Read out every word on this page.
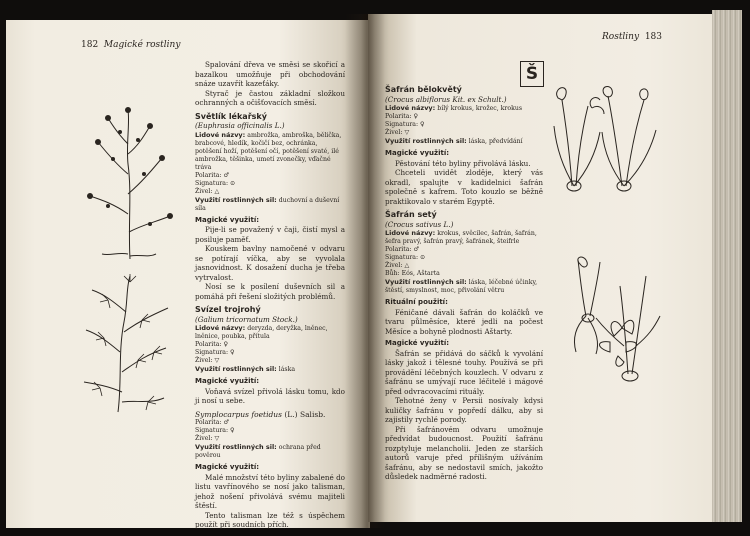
182 Magické rostliny

Spalování dřeva ve směsi se skořicí a bazalkou umožňuje při obchodování snáze uzavřít kazeťáky.

Styrač je častou základní složkou ochranných a očišťovacích směsí.

Světlík lékařský
(Euphrasia officinalis L.)
Lidové názvy: ambrožka, ambroška, bělička, brabcové, hledík, kočičí bez, ochránka, potěšení hoží, potěšení očí, potěšení svaté, ilé ambrožka, těšinka, umetí zvonečky, vďačné tráva
Polarita: ♂
Signatura: ⊙
Živel: △
Využití rostlinných sil: duchovní a duševní síla
Magické využití:

Pije-li se považený v čaji, čistí mysl a posiluje paměť.

Kouskem bavlny namočené v odvaru se potírají víčka, aby se vyvolala jasnovidnost. K dosažení ducha je třeba vytrvalost.

Nosí se k posílení duševních sil a pomáhá při řešení složitých problémů.

Svízel trojrohý
(Galium tricornatum Stock.)
Lidové názvy: deryzda, deryžka, lněnec, lněnice, poubka, přítula
Polarita: ♀
Signatura: ♀
Živel: ▽
Využití rostlinných sil: láska
Magické využití:

Voňavá svízel přivolá lásku tomu, kdo ji nosí u sebe.

Symplocarpus foetidus (L.) Salisb.
Polarita: ♂
Signatura: ♀
Živel: ▽
Využití rostlinných sil: ochrana před pověrou
Magické využití:

Malé množství této byliny zabalené do listu vavřínového se nosí jako talisman, jehož nošení přivolává svému majiteli štěstí.

Tento talisman lze též s úspěchem použít při soudních přích.

Rostliny 183
Š
Šafrán bělokvětý
(Crocus albiflorus Kit. ex Schult.)
Lidové názvy: bílý krokus, krožec, krokus
Polarita: ♀
Signatura: ♀
Živel: ▽
Využití rostlinných sil: láska, předvídání
Magické využití:

Pěstování této byliny přivolává lásku.

Chceteli uvidět zloděje, který vás okradl, spalujte v kadidelnici šafrán společně s kafrem. Toto kouzlo se běžně praktikovalo v starém Egyptě.

Šafrán setý
(Crocus sativus L.)
Lidové názvy: krokus, svěcilec, šafrán, šafrán, šefra pravý, šafrán pravý, šafránek, šteifrle
Polarita: ♂
Signatura: ⊙
Živel: △
Bůh: Eós, Aštarta
Využití rostlinných sil: láska, léčebné účinky, štěstí, smyslnost, moc, přivolání větru
Rituální použití:

Féničané dávali šafrán do koláčků ve tvaru půlměsíce, které jedli na počest Měsíce a bohyně plodnosti Aštarty.

Magické využití:

Šafrán se přidává do sáčků k vyvolání lásky jakož i tělesné touhy. Používá se při provádění léčebných kouzlech. V odvaru z šafránu se umývají ruce léčitelé i mágové před odvracovacími rituály.

Tehotné ženy v Persii nosívaly kdysi kuličky šafránu v popředí dálku, aby si zajistily rychlé porody.

Při šafránovém odvaru umožnuje předvídat budoucnost. Použití šafránu rozptyluje melancholii. Jeden ze starších autorů varuje před přílišným užíváním šafránu, aby se nedostavil smích, jakožto důsledek nadměrné radosti.
